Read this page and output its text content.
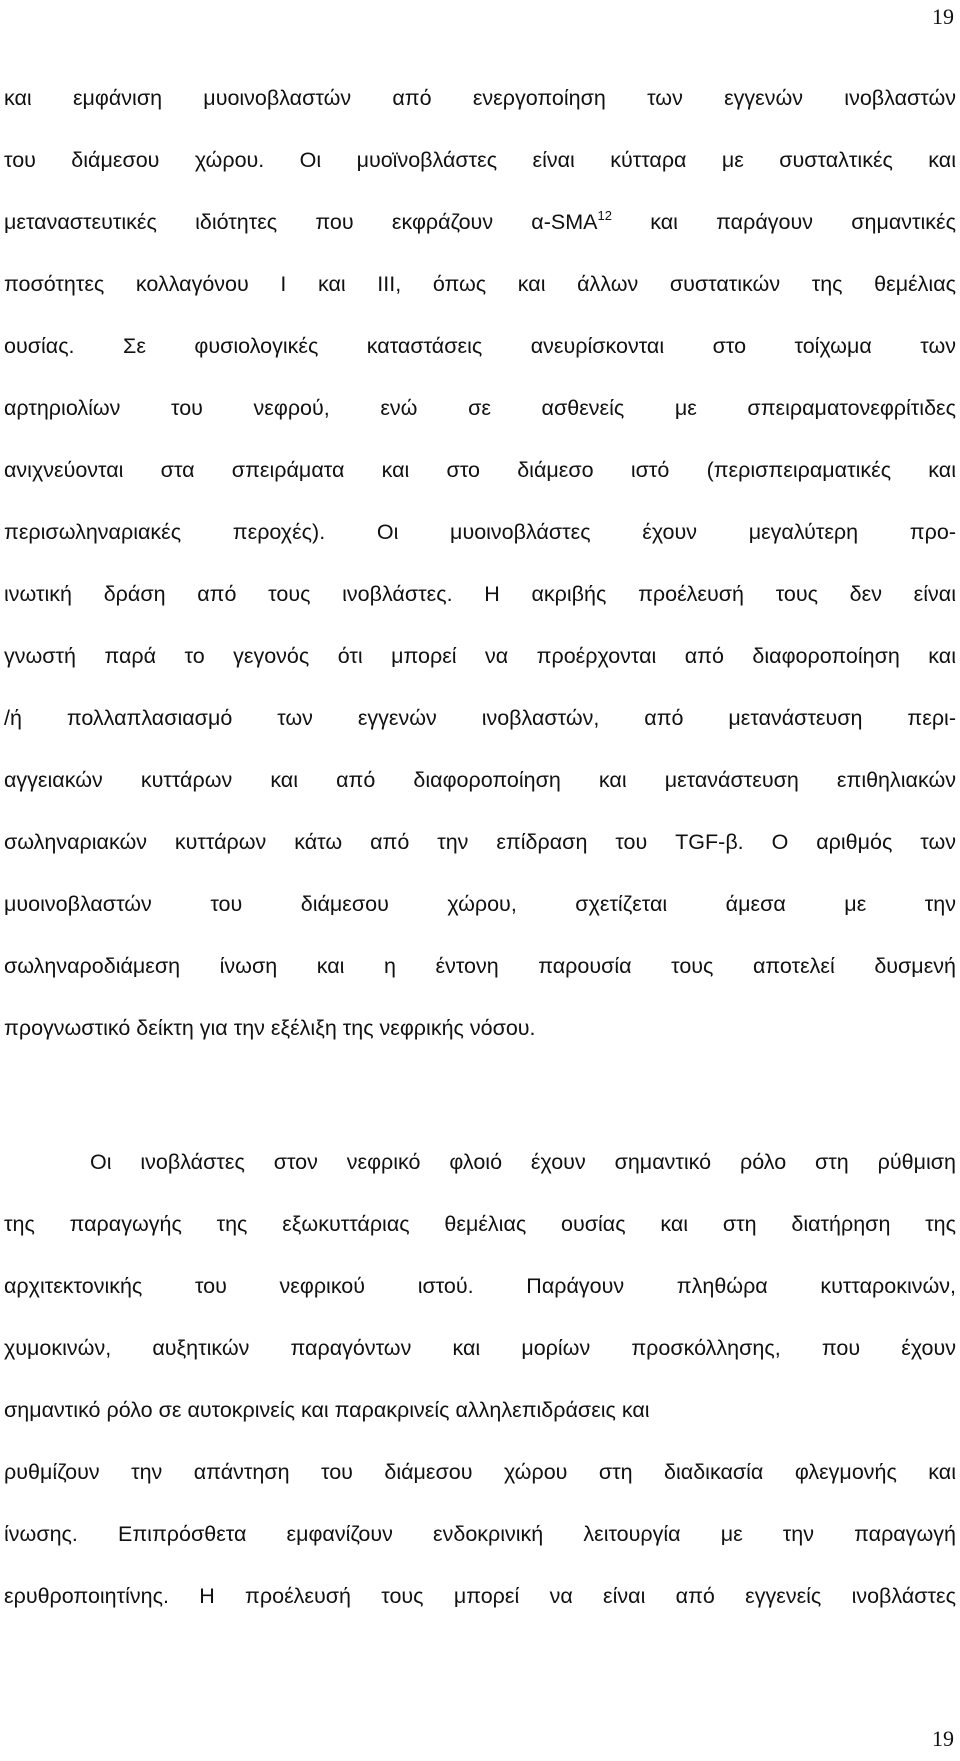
19
και εμφάνιση μυοινοβλαστών από ενεργοποίηση των εγγενών ινοβλαστών
του διάμεσου χώρου. Οι μυοϊνοβλάστες είναι κύτταρα με συσταλτικές και
μεταναστευτικές ιδιότητες που εκφράζουν α-SMA$^{12}$ και παράγουν σημαντικές
ποσότητες κολλαγόνου I και III, όπως και άλλων συστατικών της θεμέλιας
ουσίας. Σε φυσιολογικές καταστάσεις ανευρίσκονται στο τοίχωμα των
αρτηριολίων του νεφρού, ενώ σε ασθενείς με σπειραματονεφρίτιδες
ανιχνεύονται στα σπειράματα και στο διάμεσο ιστό (περισπειραματικές και
περισωληναριακές περοχές). Οι μυοινοβλάστες έχουν μεγαλύτερη προ-
ινωτική δράση από τους ινοβλάστες. Η ακριβής προέλευσή τους δεν είναι
γνωστή παρά το γεγονός ότι μπορεί να προέρχονται από διαφοροποίηση και
/ή πολλαπλασιασμό των εγγενών ινοβλαστών, από μετανάστευση περι-
αγγειακών κυττάρων και από διαφοροποίηση και μετανάστευση επιθηλιακών
σωληναριακών κυττάρων κάτω από την επίδραση του TGF-β. Ο αριθμός των
μυοινοβλαστών του διάμεσου χώρου, σχετίζεται άμεσα με την
σωληναροδιάμεση ίνωση και η έντονη παρουσία τους αποτελεί δυσμενή
προγνωστικό δείκτη για την εξέλιξη της νεφρικής νόσου.
Οι ινοβλάστες στον νεφρικό φλοιό έχουν σημαντικό ρόλο στη ρύθμιση
της παραγωγής της εξωκυττάριας θεμέλιας ουσίας και στη διατήρηση της
αρχιτεκτονικής του νεφρικού ιστού. Παράγουν πληθώρα κυτταροκινών,
χυμοκινών, αυξητικών παραγόντων και μορίων προσκόλλησης, που έχουν
σημαντικό ρόλο σε αυτοκρινείς και παρακρινείς αλληλεπιδράσεις και
ρυθμίζουν την απάντηση του διάμεσου χώρου στη διαδικασία φλεγμονής και
ίνωσης. Επιπρόσθετα εμφανίζουν ενδοκρινική λειτουργία με την παραγωγή
ερυθροποιητίνης. Η προέλευσή τους μπορεί να είναι από εγγενείς ινοβλάστες
19
